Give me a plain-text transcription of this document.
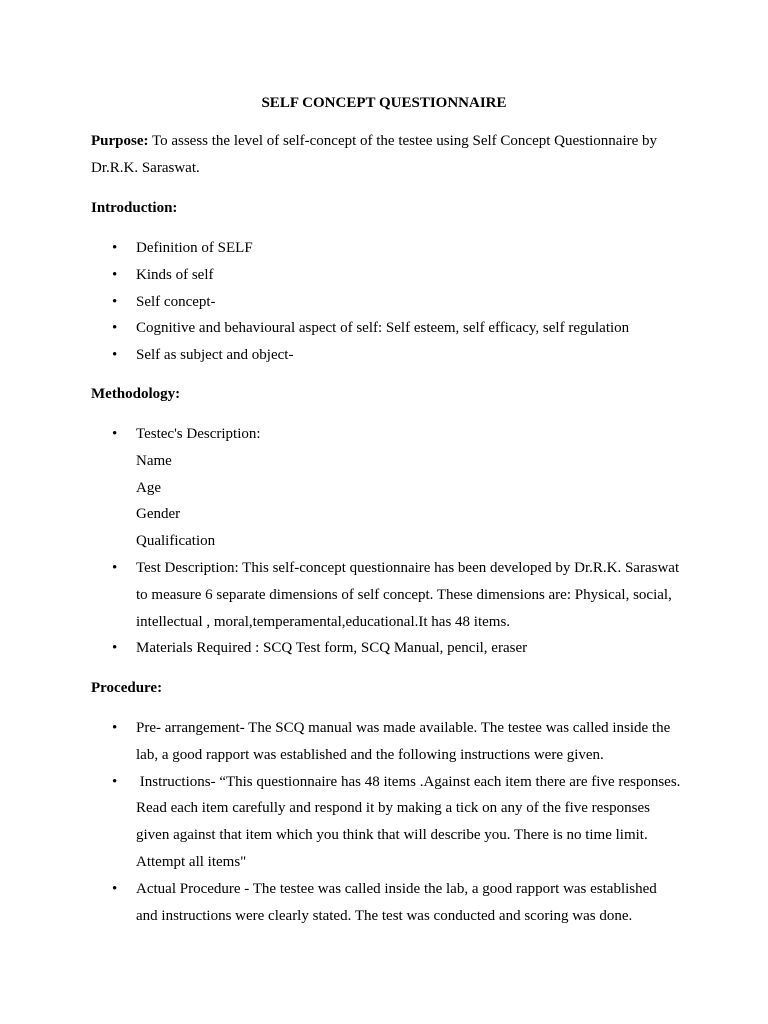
SELF CONCEPT QUESTIONNAIRE
Purpose: To assess the level of self-concept of the testee using Self Concept Questionnaire by Dr.R.K. Saraswat.
Introduction:
• Definition of SELF
• Kinds of self
• Self concept-
• Cognitive and behavioural aspect of self: Self esteem, self efficacy, self regulation
• Self as subject and object-
Methodology:
• Testec's Description:
Name
Age
Gender
Qualification
• Test Description: This self-concept questionnaire has been developed by Dr.R.K. Saraswat to measure 6 separate dimensions of self concept. These dimensions are: Physical, social, intellectual , moral,temperamental,educational.It has 48 items.
• Materials Required : SCQ Test form, SCQ Manual, pencil, eraser
Procedure:
• Pre- arrangement- The SCQ manual was made available. The testee was called inside the lab, a good rapport was established and the following instructions were given.
• Instructions- “This questionnaire has 48 items .Against each item there are five responses. Read each item carefully and respond it by making a tick on any of the five responses given against that item which you think that will describe you. There is no time limit. Attempt all items"
• Actual Procedure - The testee was called inside the lab, a good rapport was established and instructions were clearly stated. The test was conducted and scoring was done.
